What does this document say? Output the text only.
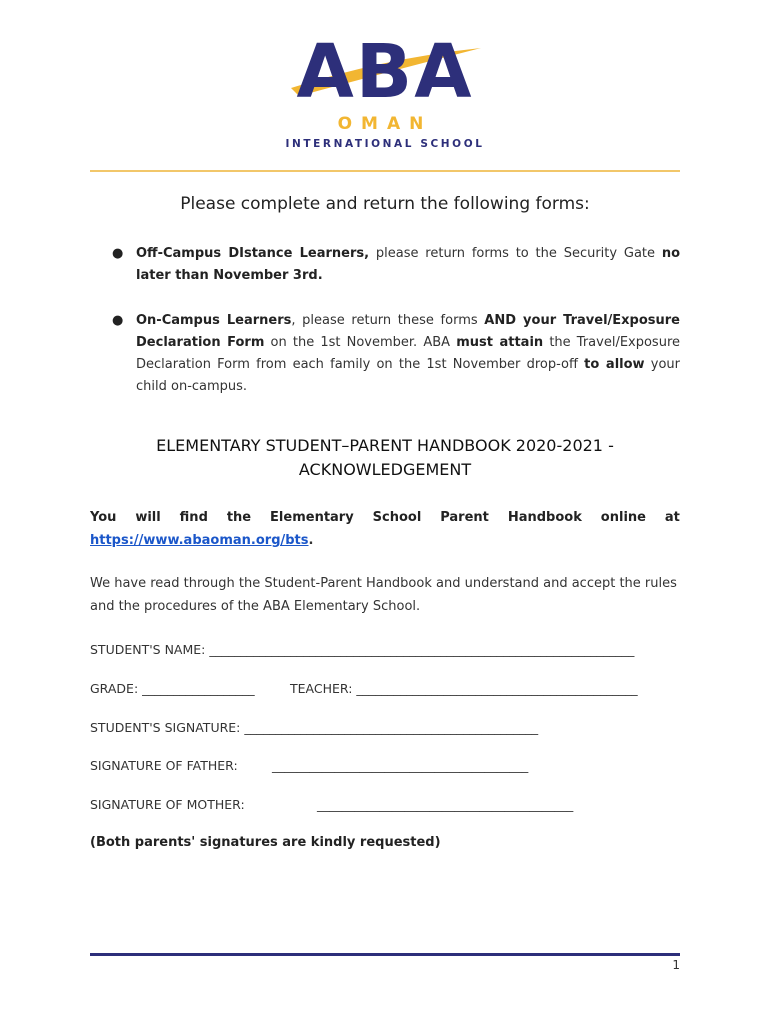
ABA
OMAN
INTERNATIONAL SCHOOL
Please complete and return the following forms:
● Off-Campus DIstance Learners, please return forms to the Security Gate no later than November 3rd.
● On-Campus Learners, please return these forms AND your Travel/Exposure Declaration Form on the 1st November. ABA must attain the Travel/Exposure Declaration Form from each family on the 1st November drop-off to allow your child on-campus.
ELEMENTARY STUDENT–PARENT HANDBOOK 2020-2021 -
ACKNOWLEDGEMENT
You will find the Elementary School Parent Handbook online at
https://www.abaoman.org/bts.
We have read through the Student-Parent Handbook and understand and accept the rules and the procedures of the ABA Elementary School.
STUDENT'S NAME: ____________________________________________________________________
GRADE: __________________	TEACHER: _____________________________________________
STUDENT'S SIGNATURE: _______________________________________________
SIGNATURE OF FATHER:	_________________________________________
SIGNATURE OF MOTHER:	_________________________________________
(Both parents' signatures are kindly requested)
1
